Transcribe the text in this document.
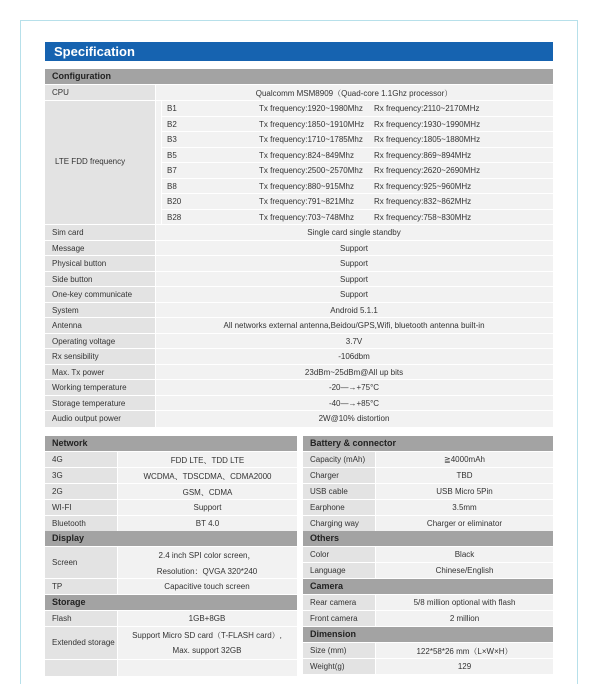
Specification
Configuration
CPU	Qualcomm MSM8909（Quad-core 1.1Ghz processor）
LTE FDD frequency
B1	Tx frequency:1920~1980Mhz Rx frequency:2110~2170MHz
B2	Tx frequency:1850~1910MHz Rx frequency:1930~1990MHz
B3	Tx frequency:1710~1785Mhz Rx frequency:1805~1880MHz
B5	Tx frequency:824~849Mhz	Rx frequency:869~894MHz
B7	Tx frequency:2500~2570Mhz Rx frequency:2620~2690MHz
B8	Tx frequency:880~915Mhz	Rx frequency:925~960MHz
B20	Tx frequency:791~821Mhz	Rx frequency:832~862MHz
B28	Tx frequency:703~748Mhz	Rx frequency:758~830MHz
Sim card	Single card single standby
Message	Support
Physical button	Support
Side button	Support
One-key communicate	Support
System	Android 5.1.1
Antenna	All networks external antenna,Beidou/GPS,Wifi, bluetooth antenna built-in
Operating voltage	3.7V
Rx sensibility	-106dbm
Max. Tx power	23dBm~25dBm@All up bits
Working temperature	-20—→+75°C
Storage temperature	-40—→+85°C
Audio output power	2W@10% distortion
Network
4G	FDD LTE、TDD LTE
3G	WCDMA、TDSCDMA、CDMA2000
2G	GSM、CDMA
WI-FI	Support
Bluetooth	BT 4.0
Display
Screen
2.4 inch SPI color screen，
Resolution：QVGA 320*240
TP	Capacitive touch screen
Storage
Flash	1GB+8GB
Extended storage
Support Micro SD card（T-FLASH card）,
Max. support 32GB
Battery & connector
Capacity (mAh)	≧4000mAh
Charger	TBD
USB cable	USB Micro 5Pin
Earphone	3.5mm
Charging way	Charger or eliminator
Others
Color	Black
Language	Chinese/English
Camera
Rear camera	5/8 million optional with flash
Front camera	2 million
Dimension
Size (mm)	122*58*26 mm（L×W×H）
Weight(g)	129
